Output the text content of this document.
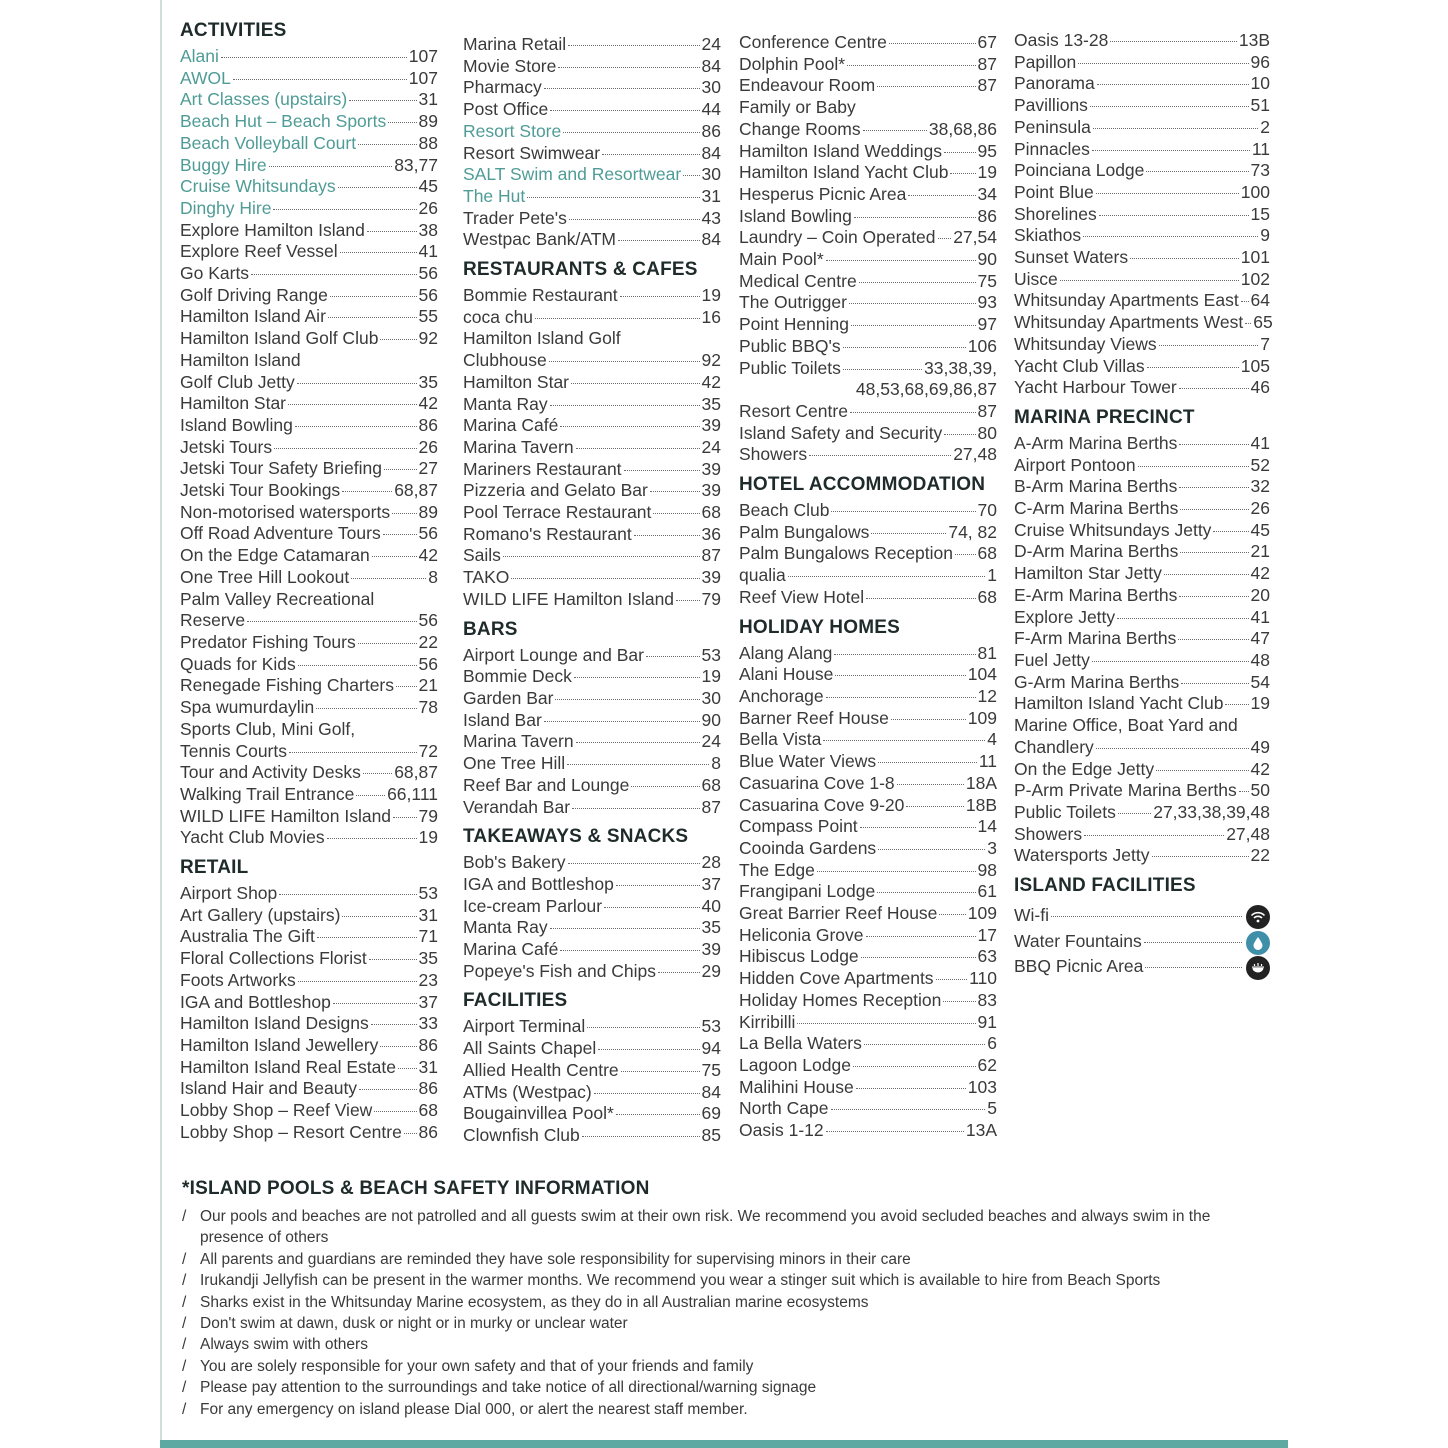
ACTIVITIES
Alani	107
AWOL	107
Art Classes (upstairs)	31
Beach Hut – Beach Sports 89
Beach Volleyball Court	88
Buggy Hire	83,77
Cruise Whitsundays	45
Dinghy Hire	26
Explore Hamilton Island	38
Explore Reef Vessel	41
Go Karts	56
Golf Driving Range	56
Hamilton Island Air	55
Hamilton Island Golf Club 92
Hamilton Island
Golf Club Jetty	35
Hamilton Star	42
Island Bowling	86
Jetski Tours	26
Jetski Tour Safety Briefing 27
Jetski Tour Bookings	68,87
Non-motorised watersports 89
Off Road Adventure Tours 56
On the Edge Catamaran	42
One Tree Hill Lookout	8
Palm Valley Recreational
Reserve	56
Predator Fishing Tours	22
Quads for Kids	56
Renegade Fishing Charters 21
Spa wumurdaylin	78
Sports Club, Mini Golf,
Tennis Courts	72
Tour and Activity Desks 68,87
Walking Trail Entrance 66,111
WILD LIFE Hamilton Island 79
Yacht Club Movies	19
RETAIL
Airport Shop	53
Art Gallery (upstairs)	31
Australia The Gift	71
Floral Collections Florist	35
Foots Artworks	23
IGA and Bottleshop	37
Hamilton Island Designs	33
Hamilton Island Jewellery 86
Hamilton Island Real Estate 31
Island Hair and Beauty	86
Lobby Shop – Reef View	68
Lobby Shop – Resort Centre 86
Marina Retail	24
Movie Store	84
Pharmacy	30
Post Office	44
Resort Store	86
Resort Swimwear	84
SALT Swim and Resortwear 30
The Hut	31
Trader Pete's	43
Westpac Bank/ATM	84
RESTAURANTS & CAFES
Bommie Restaurant	19
coca chu	16
Hamilton Island Golf
Clubhouse	92
Hamilton Star	42
Manta Ray	35
Marina Café	39
Marina Tavern	24
Mariners Restaurant	39
Pizzeria and Gelato Bar	39
Pool Terrace Restaurant	68
Romano's Restaurant	36
Sails	87
TAKO	39
WILD LIFE Hamilton Island 79
BARS
Airport Lounge and Bar	53
Bommie Deck	19
Garden Bar	30
Island Bar	90
Marina Tavern	24
One Tree Hill	8
Reef Bar and Lounge	68
Verandah Bar	87
TAKEAWAYS & SNACKS
Bob's Bakery	28
IGA and Bottleshop	37
Ice-cream Parlour	40
Manta Ray	35
Marina Café	39
Popeye's Fish and Chips	29
FACILITIES
Airport Terminal	53
All Saints Chapel	94
Allied Health Centre	75
ATMs (Westpac)	84
Bougainvillea Pool*	69
Clownfish Club	85
Conference Centre	67
Dolphin Pool*	87
Endeavour Room	87
Family or Baby
Change Rooms	38,68,86
Hamilton Island Weddings 95
Hamilton Island Yacht Club 19
Hesperus Picnic Area	34
Island Bowling	86
Laundry – Coin Operated 27,54
Main Pool*	90
Medical Centre	75
The Outrigger	93
Point Henning	97
Public BBQ's	106
Public Toilets	33,38,39,
48,53,68,69,86,87
Resort Centre	87
Island Safety and Security 80
Showers	27,48
HOTEL ACCOMMODATION
Beach Club	70
Palm Bungalows	74, 82
Palm Bungalows Reception 68
qualia	1
Reef View Hotel	68
HOLIDAY HOMES
Alang Alang	81
Alani House	104
Anchorage	12
Barner Reef House	109
Bella Vista	4
Blue Water Views	11
Casuarina Cove 1-8	18A
Casuarina Cove 9-20	18B
Compass Point	14
Cooinda Gardens	3
The Edge	98
Frangipani Lodge	61
Great Barrier Reef House 109
Heliconia Grove	17
Hibiscus Lodge	63
Hidden Cove Apartments 110
Holiday Homes Reception 83
Kirribilli	91
La Bella Waters	6
Lagoon Lodge	62
Malihini House	103
North Cape	5
Oasis 1-12	13A
Oasis 13-28	13B
Papillon	96
Panorama	10
Pavillions	51
Peninsula	2
Pinnacles	11
Poinciana Lodge	73
Point Blue	100
Shorelines	15
Skiathos	9
Sunset Waters	101
Uisce	102
Whitsunday Apartments East 64
Whitsunday Apartments West 65
Whitsunday Views	7
Yacht Club Villas	105
Yacht Harbour Tower	46
MARINA PRECINCT
A-Arm Marina Berths	41
Airport Pontoon	52
B-Arm Marina Berths	32
C-Arm Marina Berths	26
Cruise Whitsundays Jetty 45
D-Arm Marina Berths	21
Hamilton Star Jetty	42
E-Arm Marina Berths	20
Explore Jetty	41
F-Arm Marina Berths	47
Fuel Jetty	48
G-Arm Marina Berths	54
Hamilton Island Yacht Club 19
Marine Office, Boat Yard and
Chandlery	49
On the Edge Jetty	42
P-Arm Private Marina Berths 50
Public Toilets 27,33,38,39,48
Showers	27,48
Watersports Jetty	22
ISLAND FACILITIES
Wi-fi
Water Fountains
BBQ Picnic Area
*ISLAND POOLS & BEACH SAFETY INFORMATION
/ Our pools and beaches are not patrolled and all guests swim at their own risk. We recommend you avoid secluded beaches and always swim in the presence of others
/ All parents and guardians are reminded they have sole responsibility for supervising minors in their care
/ Irukandji Jellyfish can be present in the warmer months. We recommend you wear a stinger suit which is available to hire from Beach Sports
/ Sharks exist in the Whitsunday Marine ecosystem, as they do in all Australian marine ecosystems
/ Don't swim at dawn, dusk or night or in murky or unclear water
/ Always swim with others
/ You are solely responsible for your own safety and that of your friends and family
/ Please pay attention to the surroundings and take notice of all directional/warning signage
/ For any emergency on island please Dial 000, or alert the nearest staff member.
